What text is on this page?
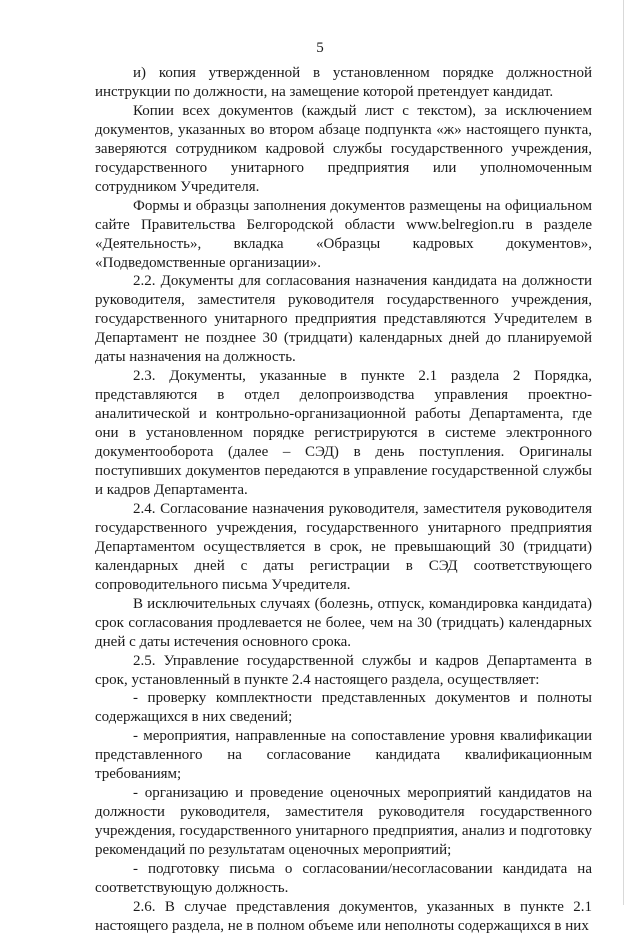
5

и) копия утвержденной в установленном порядке должностной инструкции по должности, на замещение которой претендует кандидат.

Копии всех документов (каждый лист с текстом), за исключением документов, указанных во втором абзаце подпункта «ж» настоящего пункта, заверяются сотрудником кадровой службы государственного учреждения, государственного унитарного предприятия или уполномоченным сотрудником Учредителя.

Формы и образцы заполнения документов размещены на официальном сайте Правительства Белгородской области www.belregion.ru в разделе «Деятельность», вкладка «Образцы кадровых документов», «Подведомственные организации».

2.2. Документы для согласования назначения кандидата на должности руководителя, заместителя руководителя государственного учреждения, государственного унитарного предприятия представляются Учредителем в Департамент не позднее 30 (тридцати) календарных дней до планируемой даты назначения на должность.

2.3. Документы, указанные в пункте 2.1 раздела 2 Порядка, представляются в отдел делопроизводства управления проектно-аналитической и контрольно-организационной работы Департамента, где они в установленном порядке регистрируются в системе электронного документооборота (далее – СЭД) в день поступления. Оригиналы поступивших документов передаются в управление государственной службы и кадров Департамента.

2.4. Согласование назначения руководителя, заместителя руководителя государственного учреждения, государственного унитарного предприятия Департаментом осуществляется в срок, не превышающий 30 (тридцати) календарных дней с даты регистрации в СЭД соответствующего сопроводительного письма Учредителя.

В исключительных случаях (болезнь, отпуск, командировка кандидата) срок согласования продлевается не более, чем на 30 (тридцать) календарных дней с даты истечения основного срока.

2.5. Управление государственной службы и кадров Департамента в срок, установленный в пункте 2.4 настоящего раздела, осуществляет:

- проверку комплектности представленных документов и полноты содержащихся в них сведений;

- мероприятия, направленные на сопоставление уровня квалификации представленного на согласование кандидата квалификационным требованиям;

- организацию и проведение оценочных мероприятий кандидатов на должности руководителя, заместителя руководителя государственного учреждения, государственного унитарного предприятия, анализ и подготовку рекомендаций по результатам оценочных мероприятий;

- подготовку письма о согласовании/несогласовании кандидата на соответствующую должность.

2.6. В случае представления документов, указанных в пункте 2.1 настоящего раздела, не в полном объеме или неполноты содержащихся в них
